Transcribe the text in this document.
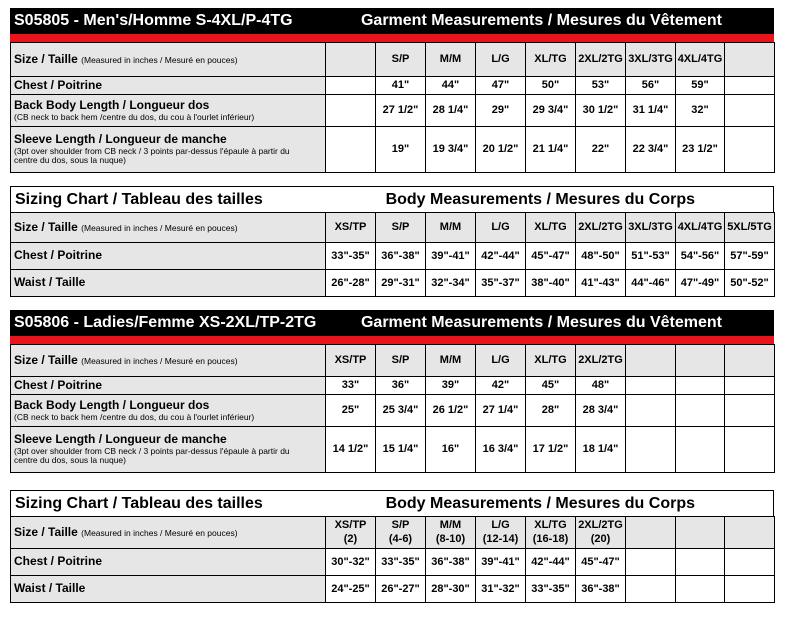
S05805 - Men's/Homme S-4XL/P-4TG	Garment Measurements / Mesures du Vêtement
Size / Taille (Measured in inches / Mesuré en pouces)		S/P	M/M	L/G	XL/TG	2XL/2TG	3XL/3TG	4XL/4TG	
Chest / Poitrine		41"	44"	47"	50"	53"	56"	59"	
Back Body Length / Longueur dos
(CB neck to back hem /centre du dos, du cou à l'ourlet inférieur)		27 1/2"	28 1/4"	29"	29 3/4"	30 1/2"	31 1/4"	32"	
Sleeve Length / Longueur de manche
(3pt over shoulder from CB neck / 3 points par-dessus l'épaule à partir du
centre du dos, sous la nuque)		19"	19 3/4"	20 1/2"	21 1/4"	22"	22 3/4"	23 1/2"	
Sizing Chart / Tableau des tailles	Body Measurements / Mesures du Corps
Size / Taille (Measured in inches / Mesuré en pouces)	XS/TP	S/P	M/M	L/G	XL/TG	2XL/2TG	3XL/3TG	4XL/4TG	5XL/5TG
Chest / Poitrine	33"-35"	36"-38"	39"-41"	42"-44"	45"-47"	48"-50"	51"-53"	54"-56"	57"-59"
Waist / Taille	26"-28"	29"-31"	32"-34"	35"-37"	38"-40"	41"-43"	44"-46"	47"-49"	50"-52"
S05806 - Ladies/Femme XS-2XL/TP-2TG	Garment Measurements / Mesures du Vêtement
Size / Taille (Measured in inches / Mesuré en pouces)	XS/TP	S/P	M/M	L/G	XL/TG	2XL/2TG			
Chest / Poitrine	33"	36"	39"	42"	45"	48"			
Back Body Length / Longueur dos
(CB neck to back hem /centre du dos, du cou à l'ourlet inférieur)	25"	25 3/4"	26 1/2"	27 1/4"	28"	28 3/4"			
Sleeve Length / Longueur de manche
(3pt over shoulder from CB neck / 3 points par-dessus l'épaule à partir du
centre du dos, sous la nuque)	14 1/2"	15 1/4"	16"	16 3/4"	17 1/2"	18 1/4"			
Sizing Chart / Tableau des tailles	Body Measurements / Mesures du Corps
Size / Taille (Measured in inches / Mesuré en pouces)	XS/TP
(2)	S/P
(4-6)	M/M
(8-10)	L/G
(12-14)	XL/TG
(16-18)	2XL/2TG
(20)			

Chest / Poitrine	30"-32"	33"-35"	36"-38"	39"-41"	42"-44"	45"-47"			
Waist / Taille	24"-25"	26"-27"	28"-30"	31"-32"	33"-35"	36"-38"			
